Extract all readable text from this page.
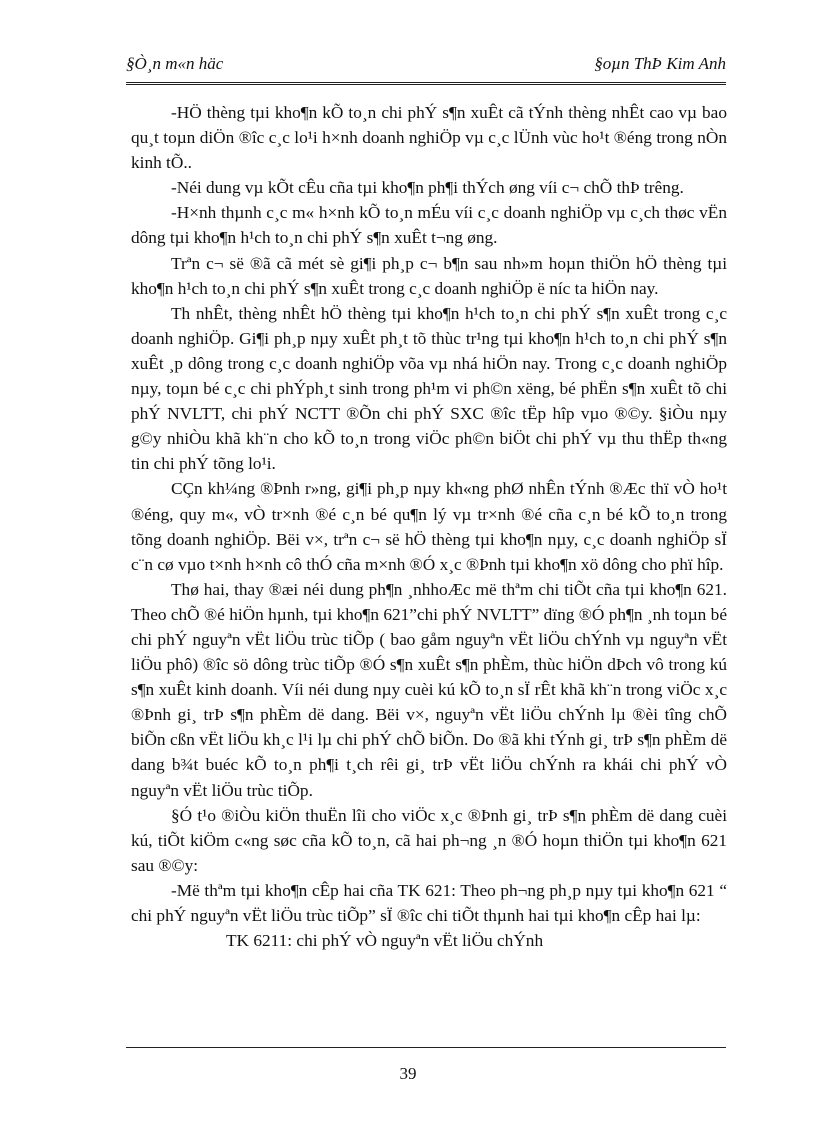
§Ò¸n m«n häc	§oµn ThÞ Kim Anh

-HÖ thèng tµi kho¶n kÕ to¸n chi phÝ s¶n xuÊt cã tÝnh thèng nhÊt cao vµ bao qu¸t toµn diÖn ®îc c¸c lo¹i h×nh doanh nghiÖp vµ c¸c lÜnh vùc ho¹t ®éng trong nÒn kinh tÕ..

-Néi dung vµ kÕt cÊu cña tµi kho¶n ph¶i thÝch øng víi c¬ chÕ thÞ trêng.

-H×nh thµnh c¸c m« h×nh kÕ to¸n mÉu víi c¸c doanh nghiÖp vµ c¸ch thøc vËn dông tµi kho¶n h¹ch to¸n chi phÝ s¶n xuÊt t¬ng øng.

Trªn c¬ së ®ã cã mét sè gi¶i ph¸p c¬ b¶n sau nh»m hoµn thiÖn hÖ thèng tµi kho¶n h¹ch to¸n chi phÝ s¶n xuÊt trong c¸c doanh nghiÖp ë níc ta hiÖn nay.

Th nhÊt, thèng nhÊt hÖ thèng tµi kho¶n h¹ch to¸n chi phÝ s¶n xuÊt trong c¸c doanh nghiÖp. Gi¶i ph¸p nµy xuÊt ph¸t tõ thùc tr¹ng tµi kho¶n h¹ch to¸n chi phÝ s¶n xuÊt ¸p dông trong c¸c doanh nghiÖp võa vµ nhá hiÖn nay. Trong c¸c doanh nghiÖp nµy, toµn bé c¸c chi phÝph¸t sinh trong ph¹m vi ph©n xëng, bé phËn s¶n xuÊt tõ chi phÝ NVLTT, chi phÝ NCTT ®Õn chi phÝ SXC ®îc tËp hîp vµo ®©y. §iÒu nµy g©y nhiÒu khã kh¨n cho kÕ to¸n trong viÖc ph©n biÖt chi phÝ vµ thu thËp th«ng tin chi phÝ tõng lo¹i.

CÇn kh¼ng ®Þnh r»ng, gi¶i ph¸p nµy kh«ng phØ nhÊn tÝnh ®Æc thï vÒ ho¹t ®éng, quy m«, vÒ tr×nh ®é c¸n bé qu¶n lý vµ tr×nh ®é cña c¸n bé kÕ to¸n trong tõng doanh nghiÖp. Bëi v×, trªn c¬ së hÖ thèng tµi kho¶n nµy, c¸c doanh nghiÖp sÏ c¨n cø vµo t×nh h×nh cô thÓ cña m×nh ®Ó x¸c ®Þnh tµi kho¶n xö dông cho phï hîp.

Thø hai, thay ®æi néi dung ph¶n ¸nhhoÆc më thªm chi tiÕt cña tµi kho¶n 621. Theo chÕ ®é hiÖn hµnh, tµi kho¶n 621”chi phÝ NVLTT” dïng ®Ó ph¶n ¸nh toµn bé chi phÝ nguyªn vËt liÖu trùc tiÕp ( bao gåm nguyªn vËt liÖu chÝnh vµ nguyªn vËt liÖu phô) ®îc sö dông trùc tiÕp ®Ó s¶n xuÊt s¶n phÈm, thùc hiÖn dÞch vô trong kú s¶n xuÊt kinh doanh. Víi néi dung nµy cuèi kú kÕ to¸n sÏ rÊt khã kh¨n trong viÖc x¸c ®Þnh gi¸ trÞ s¶n phÈm dë dang. Bëi v×, nguyªn vËt liÖu chÝnh lµ ®èi tîng chÕ biÕn cßn vËt liÖu kh¸c l¹i lµ chi phÝ chÕ biÕn. Do ®ã khi tÝnh gi¸ trÞ s¶n phÈm dë dang b¾t buéc kÕ to¸n ph¶i t¸ch rêi gi¸ trÞ vËt liÖu chÝnh ra khái chi phÝ vÒ nguyªn vËt liÖu trùc tiÕp.

§Ó t¹o ®iÒu kiÖn thuËn lîi cho viÖc x¸c ®Þnh gi¸ trÞ s¶n phÈm dë dang cuèi kú, tiÕt kiÖm c«ng søc cña kÕ to¸n, cã hai ph¬ng ¸n ®Ó hoµn thiÖn tµi kho¶n 621 sau ®©y:

-Më thªm tµi kho¶n cÊp hai cña TK 621: Theo ph¬ng ph¸p nµy tµi kho¶n 621 “ chi phÝ nguyªn vËt liÖu trùc tiÕp” sÏ ®îc chi tiÕt thµnh hai tµi kho¶n cÊp hai lµ:

TK 6211: chi phÝ vÒ nguyªn vËt liÖu chÝnh

39
